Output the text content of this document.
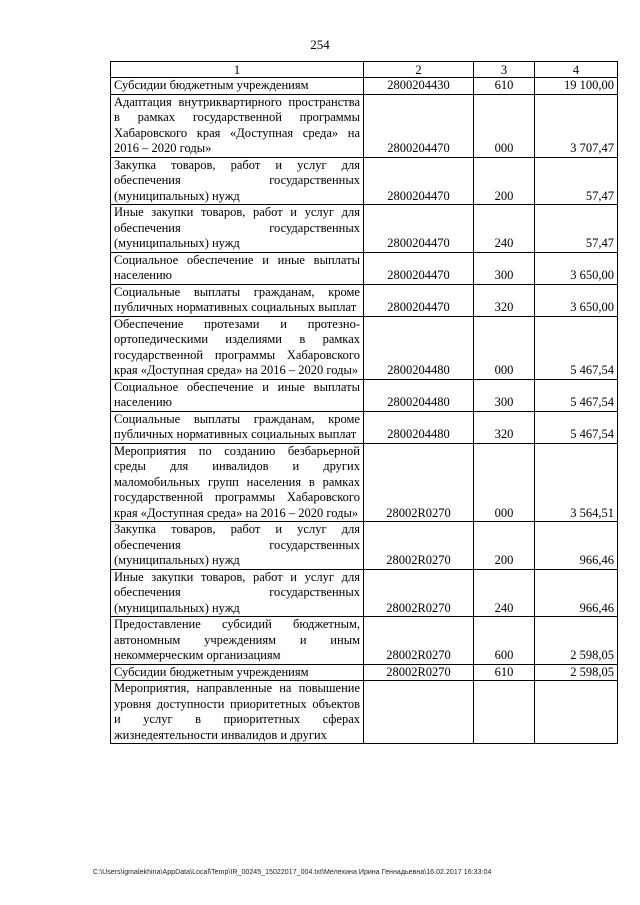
254
1	2	3	4
Субсидии бюджетным учреждениям	2800204430	610	19 100,00
Адаптация внутриквартирного пространства в рамках государственной программы Хабаровского края «Доступная среда» на 2016 – 2020 годы»	2800204470	000	3 707,47
Закупка товаров, работ и услуг для обеспечения государственных (муниципальных) нужд	2800204470	200	57,47
Иные закупки товаров, работ и услуг для обеспечения государственных (муниципальных) нужд	2800204470	240	57,47
Социальное обеспечение и иные выплаты населению	2800204470	300	3 650,00
Социальные выплаты гражданам, кроме публичных нормативных социальных выплат	2800204470	320	3 650,00
Обеспечение протезами и протезно-ортопедическими изделиями в рамках государственной программы Хабаровского края «Доступная среда» на 2016 – 2020 годы»	2800204480	000	5 467,54
Социальное обеспечение и иные выплаты населению	2800204480	300	5 467,54
Социальные выплаты гражданам, кроме публичных нормативных социальных выплат	2800204480	320	5 467,54
Мероприятия по созданию безбарьерной среды для инвалидов и других маломобильных групп населения в рамках государственной программы Хабаровского края «Доступная среда» на 2016 – 2020 годы»	28002R0270	000	3 564,51
Закупка товаров, работ и услуг для обеспечения государственных (муниципальных) нужд	28002R0270	200	966,46
Иные закупки товаров, работ и услуг для обеспечения государственных (муниципальных) нужд	28002R0270	240	966,46
Предоставление субсидий бюджетным, автономным учреждениям и иным некоммерческим организациям	28002R0270	600	2 598,05
Субсидии бюджетным учреждениям	28002R0270	610	2 598,05
Мероприятия, направленные на повышение уровня доступности приоритетных объектов и услуг в приоритетных сферах жизнедеятельности инвалидов и других			
C:\Users\igmalekhina\AppData\Local\Temp\IR_00245_15022017_004.txt\Мелехина Ирина Геннадьевна\16.02.2017 16:33:04
